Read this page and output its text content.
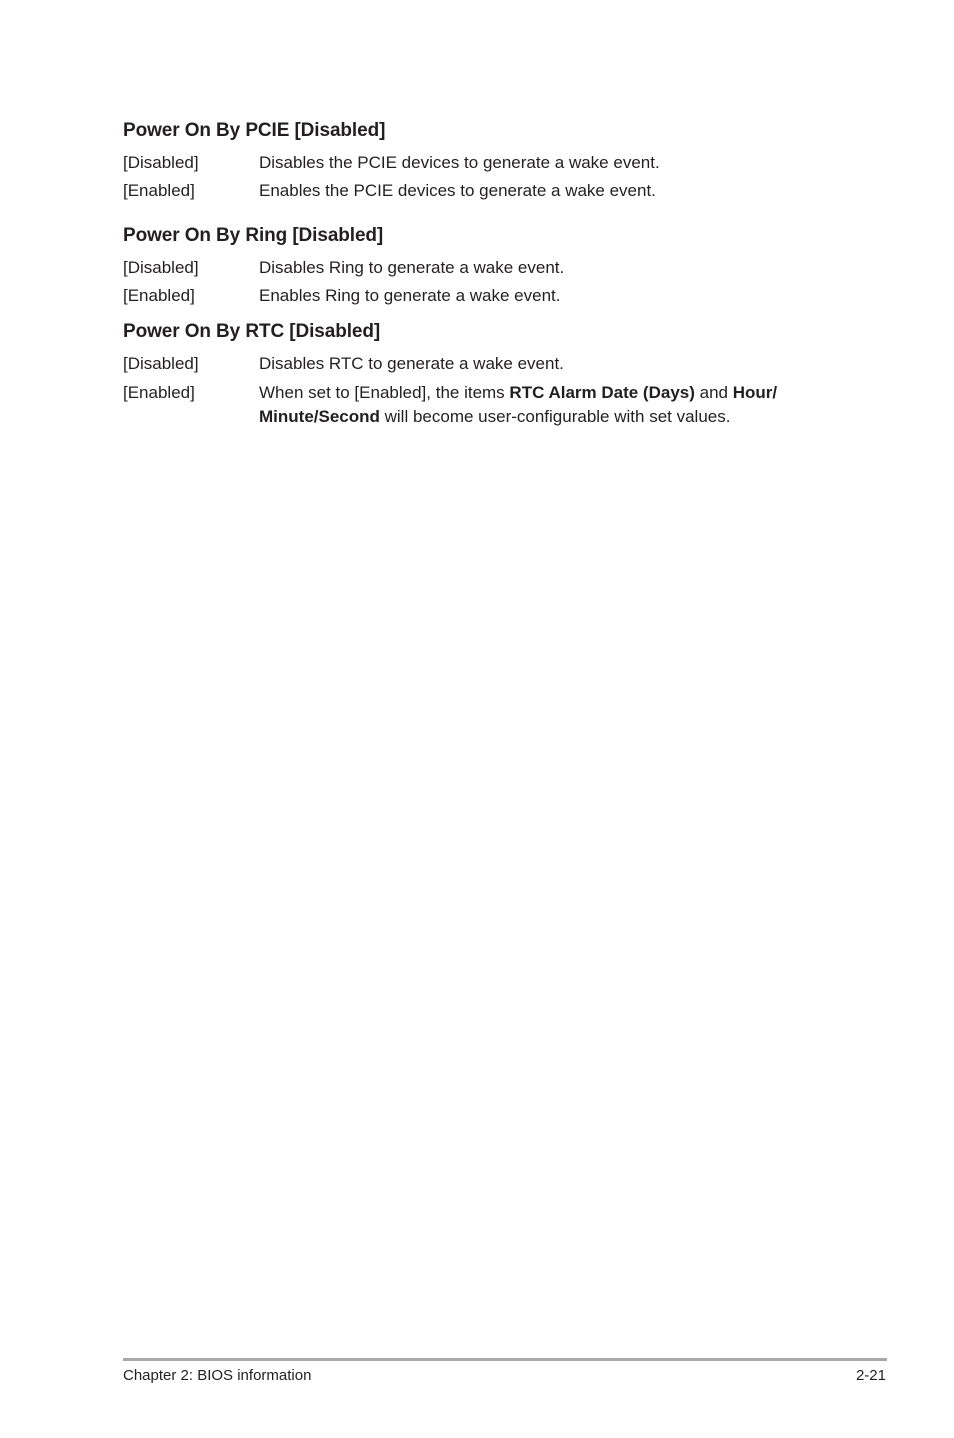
Power On By PCIE [Disabled]
[Disabled]	Disables the PCIE devices to generate a wake event.
[Enabled]	Enables the PCIE devices to generate a wake event.
Power On By Ring [Disabled]
[Disabled]	Disables Ring to generate a wake event.
[Enabled]	Enables Ring to generate a wake event.
Power On By RTC [Disabled]
[Disabled]	Disables RTC to generate a wake event.
[Enabled]	When set to [Enabled], the items RTC Alarm Date (Days) and Hour/ Minute/Second will become user-configurable with set values.
Chapter 2: BIOS information	2-21
